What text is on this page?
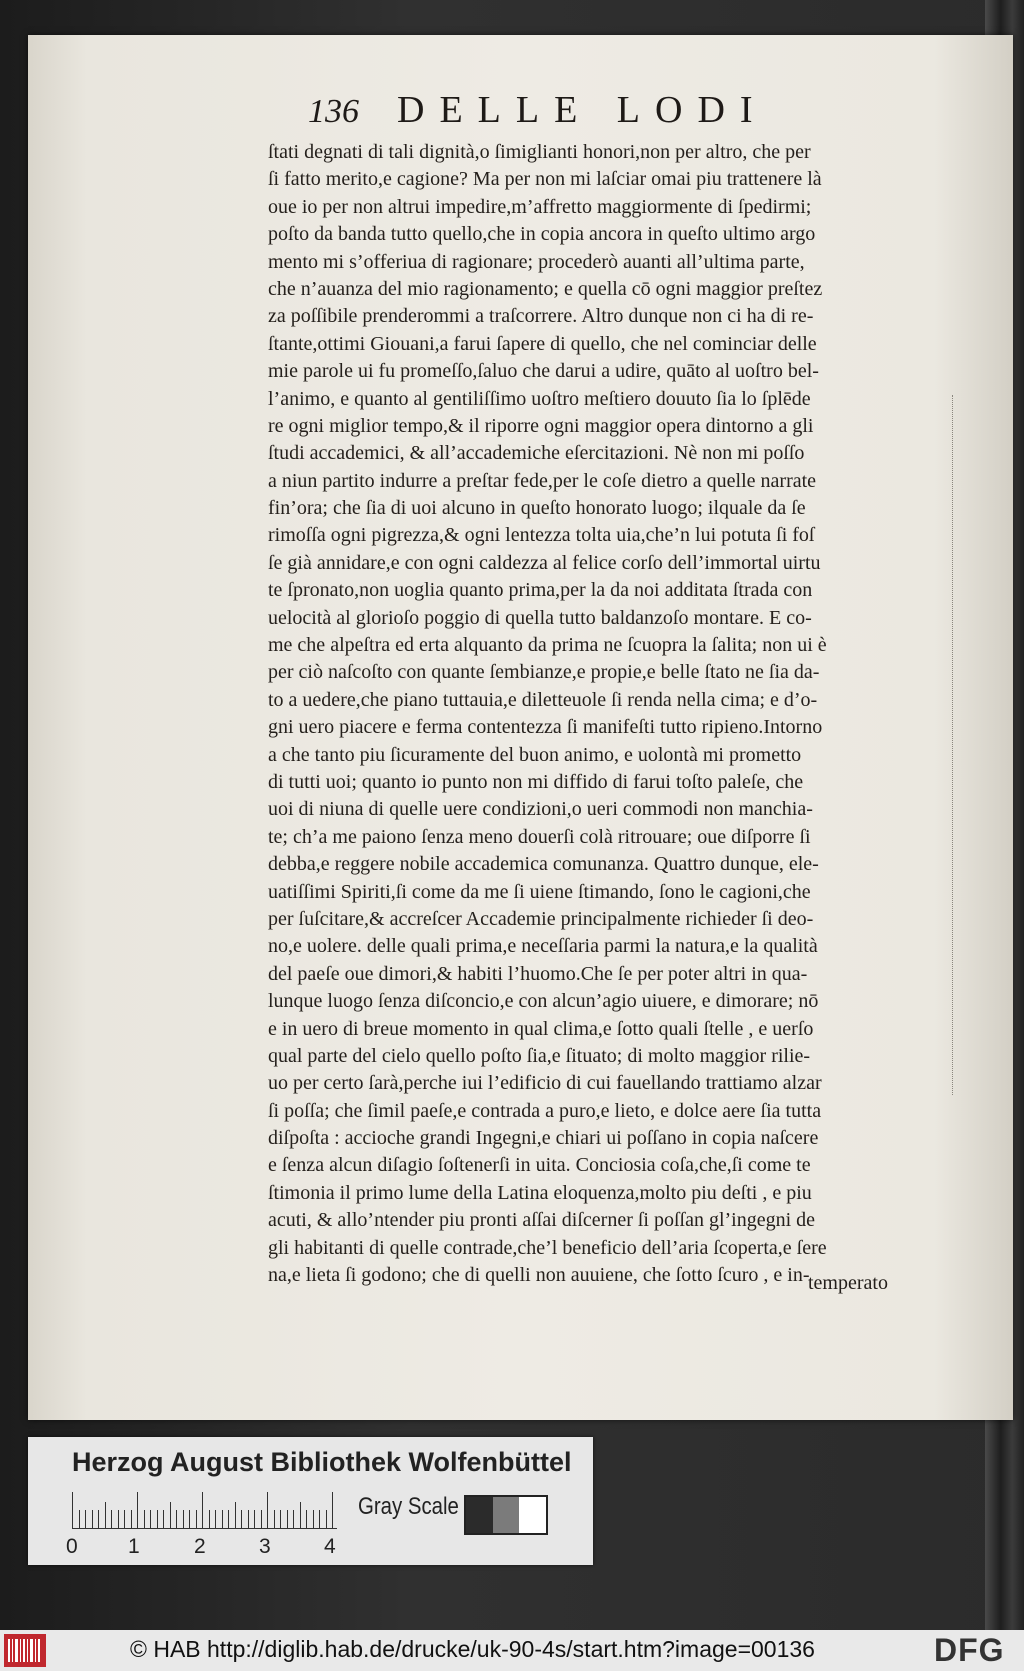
136 DELLE LODI
ſtati degnati di tali dignità,o ſimiglianti honori,non per altro, che per
ſi fatto merito,e cagione? Ma per non mi laſciar omai piu trattenere là
oue io per non altrui impedire,m’affretto maggiormente di ſpedirmi;
poſto da banda tutto quello,che in copia ancora in queſto ultimo argo
mento mi s’offeriua di ragionare; procederò auanti all’ultima parte,
che n’auanza del mio ragionamento; e quella cō ogni maggior preſtez
za poſſibile prenderommi a traſcorrere. Altro dunque non ci ha di re-
ſtante,ottimi Giouani,a farui ſapere di quello, che nel cominciar delle
mie parole ui fu promeſſo,ſaluo che darui a udire, quāto al uoſtro bel-
l’animo, e quanto al gentiliſſimo uoſtro meſtiero douuto ſia lo ſplēde
re ogni miglior tempo,& il riporre ogni maggior opera dintorno a gli
ſtudi accademici, & all’accademiche eſercitazioni. Nè non mi poſſo
a niun partito indurre a preſtar fede,per le coſe dietro a quelle narrate
fin’ora; che ſia di uoi alcuno in queſto honorato luogo; ilquale da ſe
rimoſſa ogni pigrezza,& ogni lentezza tolta uia,che’n lui potuta ſi foſ
ſe già annidare,e con ogni caldezza al felice corſo dell’immortal uirtu
te ſpronato,non uoglia quanto prima,per la da noi additata ſtrada con
uelocità al glorioſo poggio di quella tutto baldanzoſo montare. E co-
me che alpeſtra ed erta alquanto da prima ne ſcuopra la ſalita; non ui è
per ciò naſcoſto con quante ſembianze,e propie,e belle ſtato ne ſia da-
to a uedere,che piano tuttauia,e diletteuole ſi renda nella cima; e d’o-
gni uero piacere e ferma contentezza ſi manifeſti tutto ripieno.Intorno
a che tanto piu ſicuramente del buon animo, e uolontà mi prometto
di tutti uoi; quanto io punto non mi diffido di farui toſto paleſe, che
uoi di niuna di quelle uere condizioni,o ueri commodi non manchia-
te; ch’a me paiono ſenza meno douerſi colà ritrouare; oue diſporre ſi
debba,e reggere nobile accademica comunanza. Quattro dunque, ele-
uatiſſimi Spiriti,ſi come da me ſi uiene ſtimando, ſono le cagioni,che
per ſuſcitare,& accreſcer Accademie principalmente richieder ſi deo-
no,e uolere. delle quali prima,e neceſſaria parmi la natura,e la qualità
del paeſe oue dimori,& habiti l’huomo.Che ſe per poter altri in qua-
lunque luogo ſenza diſconcio,e con alcun’agio uiuere, e dimorare; nō
e in uero di breue momento in qual clima,e ſotto quali ſtelle , e uerſo
qual parte del cielo quello poſto ſia,e ſituato; di molto maggior rilie-
uo per certo ſarà,perche iui l’edificio di cui fauellando trattiamo alzar
ſi poſſa; che ſimil paeſe,e contrada a puro,e lieto, e dolce aere ſia tutta
diſpoſta : accioche grandi Ingegni,e chiari ui poſſano in copia naſcere
e ſenza alcun diſagio ſoſtenerſi in uita. Conciosia coſa,che,ſi come te
ſtimonia il primo lume della Latina eloquenza,molto piu deſti , e piu
acuti, & allo’ntender piu pronti aſſai diſcerner ſi poſſan gl’ingegni de
gli habitanti di quelle contrade,che’l beneficio dell’aria ſcoperta,e ſere
na,e lieta ſi godono; che di quelli non auuiene, che ſotto ſcuro , e in-
temperato
Herzog August Bibliothek Wolfenbüttel
0 1	2	3	4
Gray Scale
© HAB http://diglib.hab.de/drucke/uk-90-4s/start.htm?image=00136	DFG
